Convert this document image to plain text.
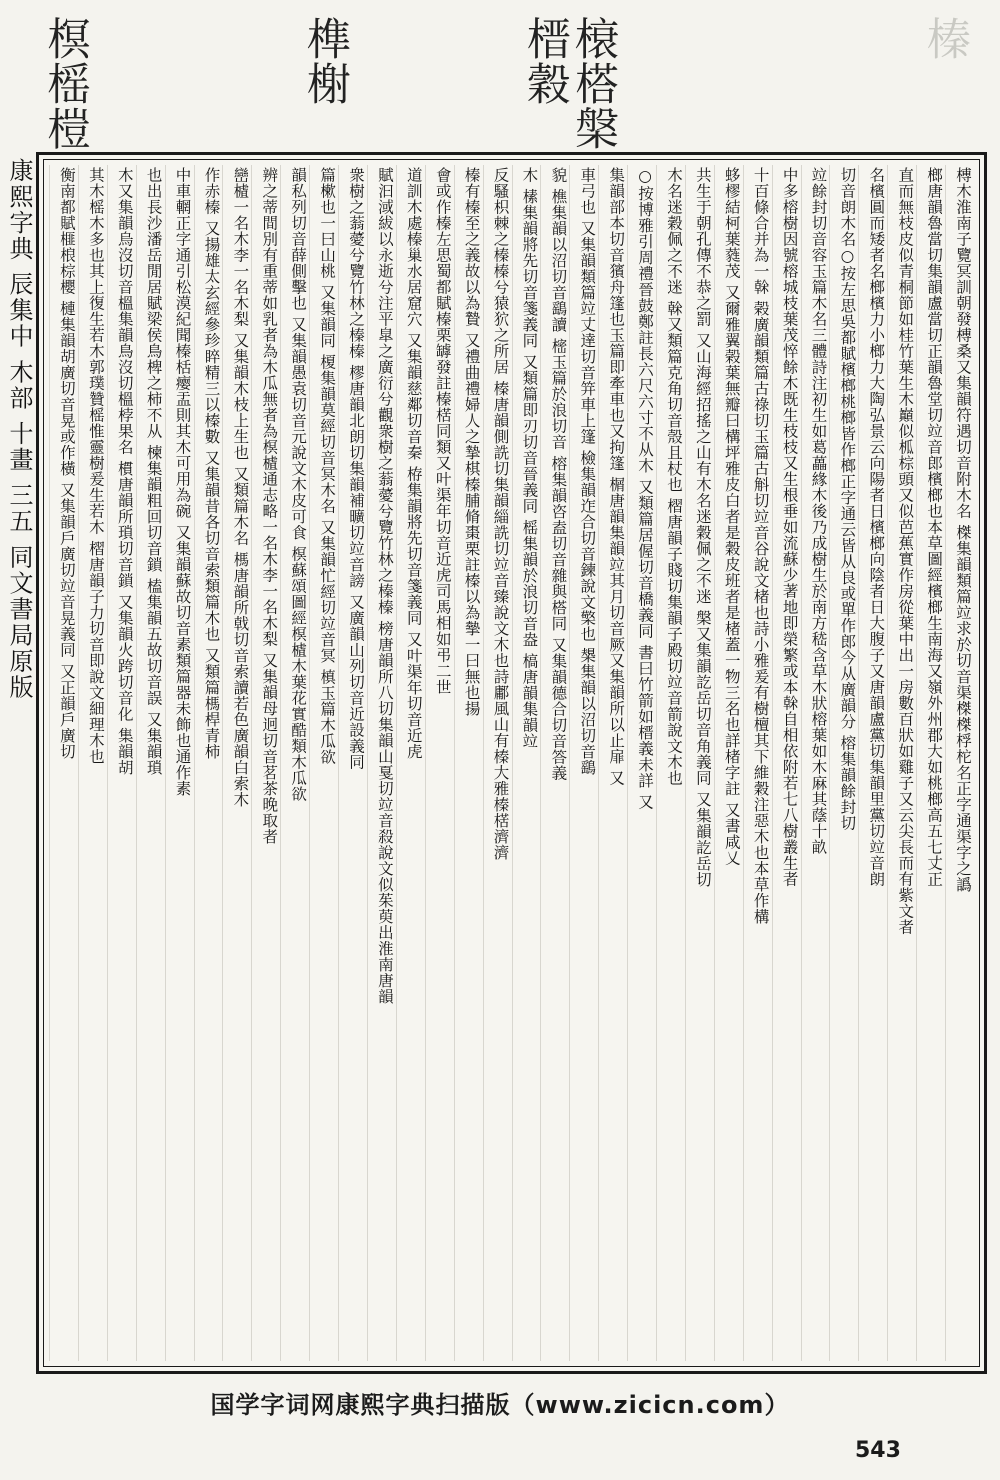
榠榣榿	榫榭	榱榙槃榗穀	榛
康熙字典 辰集中 木部 十畫 三五 同文書局原版	榑木淮南子覽冥訓朝發榑桑又集韻符遇切音附木名 榤集韻類篇竝求於切音渠榤榤桴柁名正字通渠字之譌
榔唐韻魯當切集韻盧當切正韻魯堂切竝音郎檳榔也本草圖經檳榔生南海又嶺外州郡大如桃榔高五七丈正
直而無枝皮似青桐節如桂竹葉生木巔似柧棕頭又似芭蕉實作房從葉中出一房數百狀如雞子又云尖長而有紫文者
名檳圓而矮者名榔檳力小榔力大陶弘景云向陽者日檳榔向陰者日大腹子又唐韻盧黨切集韻里黨切竝音朗
切音朗木名○按左思吳都賦檳榔桃榔皆作榔正字通云皆从良或單作郎今从廣韻分 榕集韻餘封切
竝餘封切音容玉篇木名三體詩注初生如葛藟緣木後乃成樹生於南方嵇含草木狀榕葉如木麻其蔭十畝
中多榕樹因號榕城枝葉茂悴餘木既生枝枝又生根垂如流蘇少著地即榮繁或本榦自相依附若七八樹叢生者
十百條合并為一榦 榖廣韻類篇古祿切玉篇古斛切竝音谷說文楮也詩小雅爰有樹檀其下維穀注惡木也本草作構
蛥樛結柯葉蕤茂 又爾雅翼榖葉無瓣曰構坪雅皮白者是穀皮班者是楮蓋一物三名也詳楮字註 又書咸乂
共生于朝孔傳不恭之罰 又山海經招搖之山有木名迷穀佩之不迷 槃又集韻訖岳切音角義同 又集韻訖岳切
木名迷穀佩之不迷 榦又類篇克角切音殼且杖也 槢唐韻子賤切集韻子殿切竝音箭說文木也
○按博雅引周禮晉鼓鄭註長六尺六寸不从木 又類篇居偓切音橋義同 書曰竹箭如榗義未詳 又
集韻部本切音獱舟篷也玉篇即牽車也又拘篷 榍唐韻集韻竝其月切音厥又集韻所以止扉 又
車弓也 又集韻類篇竝丈達切音笄車上篷 檢集韻迮合切音鍊說文檠也 槼集韻以沼切音鷂
貌 樵集韻以沼切音鷂讀 樒玉篇於浪切音 榕集韻咨盍切音雜與榙同 又集韻德合切音答義
木 榡集韻將先切音箋義同 又類篇即刃切音晉義同 榣集韻於浪切音盎 槁唐韻集韻竝
反騷枳棘之榛榛兮猿狖之所居 榛唐韻側詵切集韻緇詵切竝音臻說文木也詩鄘風山有榛大雅榛楛濟濟
榛有榛至之義故以為贄 又禮曲禮婦人之摯棋榛脯脩棗栗註榛以為摰一曰無也揚
會或作榛左思蜀都賦榛栗罅發註榛楛同類又叶渠年切音近虎司馬相如弔二世
道訓木處榛巢水居窟穴 又集韻慈鄰切音秦 栫集韻將先切音箋義同 又叶渠年切音近虎
賦汩淢紱以永逝兮注平皐之廣衍兮觀衆樹之蓊薆兮覽竹林之榛榛 榜唐韻所八切集韻山戛切竝音殺說文似茱萸出淮南唐韻
衆樹之蓊薆兮覽竹林之榛榛 樛唐韻北朗切集韻補曠切竝音謗 又廣韻山列切音近設義同
篇樕也一曰山桃 又集韻同 榎集韻莫經切音冥木名 又集韻忙經切竝音冥 槙玉篇木瓜欲
韻私列切音薛側擊也 又集韻愚袁切音元說文木皮可食 榠蘇頌圖經榠樝木葉花實酷類木瓜欲
辨之蒂間別有重蒂如乳者為木瓜無者為榠樝通志略一名木李一名木梨 又集韻母迥切音茗茶晚取者
巒樝一名木李一名木梨 又集韻木枝上生也 又類篇木名 榪唐韻所戟切音索讀若色廣韻白索木
作赤榛 又揚雄太玄經參珍睟精三以榛數 又集韻昔各切音索類篇木也 又類篇榪桿青柿
中車輞正字通引松漠紀聞榛栝瘿盂則其木可用為碗 又集韻蘇故切音素類篇器未飾也通作素
也出長沙潘岳閒居賦梁侯鳥椑之柿不从 楝集韻粗回切音鎖 榼集韻五故切音誤 又集韻瑣
木又集韻烏沒切音榲集韻鳥沒切榲桲果名 樌唐韻所瑣切音鎖 又集韻火跨切音化 集韻胡
其木榣木多也其上復生若木郭璞贊榣惟靈樹爰生若木 槢唐韻子力切音即說文細理木也
衡南都賦榧桹棕櫻 槤集韻胡廣切音晃或作橫 又集韻戶廣切竝音晃義同 又正韻戶廣切
国学字词网康熙字典扫描版（www.zicicn.com）
543
